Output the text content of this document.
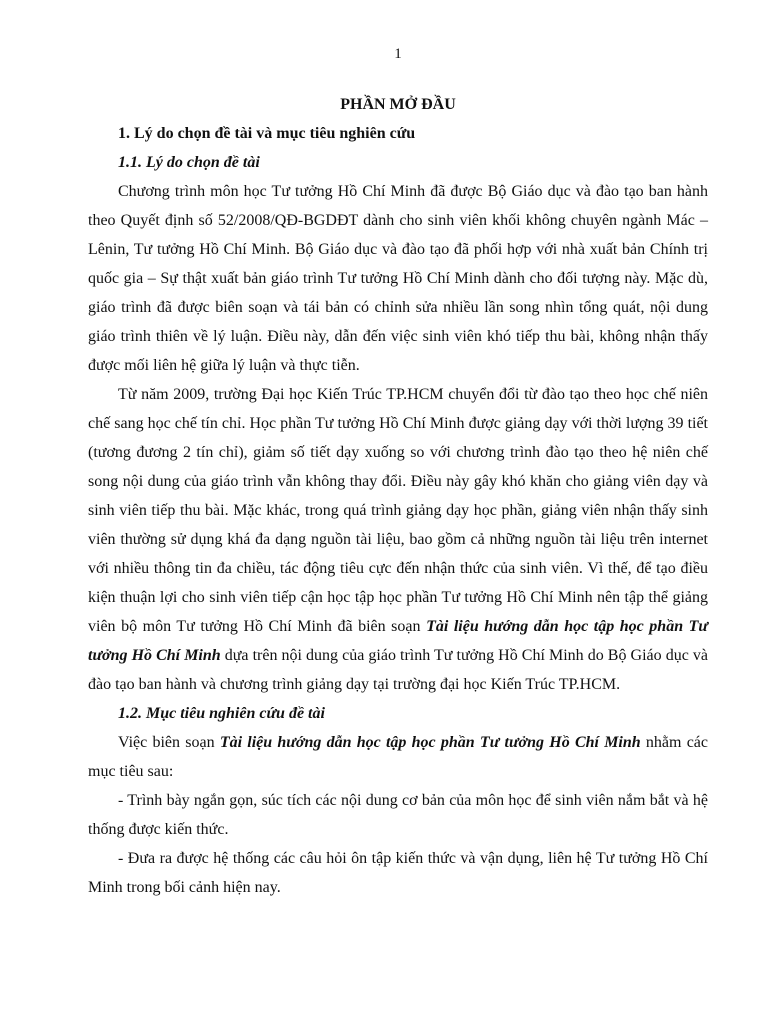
1
PHẦN MỞ ĐẦU
1. Lý do chọn đề tài và mục tiêu nghiên cứu
1.1. Lý do chọn đề tài

Chương trình môn học Tư tưởng Hồ Chí Minh đã được Bộ Giáo dục và đào tạo ban hành theo Quyết định số 52/2008/QĐ-BGDĐT dành cho sinh viên khối không chuyên ngành Mác – Lênin, Tư tưởng Hồ Chí Minh. Bộ Giáo dục và đào tạo đã phối hợp với nhà xuất bản Chính trị quốc gia – Sự thật xuất bản giáo trình Tư tưởng Hồ Chí Minh dành cho đối tượng này. Mặc dù, giáo trình đã được biên soạn và tái bản có chỉnh sửa nhiều lần song nhìn tổng quát, nội dung giáo trình thiên về lý luận. Điều này, dẫn đến việc sinh viên khó tiếp thu bài, không nhận thấy được mối liên hệ giữa lý luận và thực tiễn.

Từ năm 2009, trường Đại học Kiến Trúc TP.HCM chuyển đổi từ đào tạo theo học chế niên chế sang học chế tín chỉ. Học phần Tư tưởng Hồ Chí Minh được giảng dạy với thời lượng 39 tiết (tương đương 2 tín chỉ), giảm số tiết dạy xuống so với chương trình đào tạo theo hệ niên chế song nội dung của giáo trình vẫn không thay đổi. Điều này gây khó khăn cho giảng viên dạy và sinh viên tiếp thu bài. Mặc khác, trong quá trình giảng dạy học phần, giảng viên nhận thấy sinh viên thường sử dụng khá đa dạng nguồn tài liệu, bao gồm cả những nguồn tài liệu trên internet với nhiều thông tin đa chiều, tác động tiêu cực đến nhận thức của sinh viên. Vì thế, để tạo điều kiện thuận lợi cho sinh viên tiếp cận học tập học phần Tư tưởng Hồ Chí Minh nên tập thể giảng viên bộ môn Tư tưởng Hồ Chí Minh đã biên soạn Tài liệu hướng dẫn học tập học phần Tư tưởng Hồ Chí Minh dựa trên nội dung của giáo trình Tư tưởng Hồ Chí Minh do Bộ Giáo dục và đào tạo ban hành và chương trình giảng dạy tại trường đại học Kiến Trúc TP.HCM.

1.2. Mục tiêu nghiên cứu đề tài

Việc biên soạn Tài liệu hướng dẫn học tập học phần Tư tưởng Hồ Chí Minh nhằm các mục tiêu sau:

- Trình bày ngắn gọn, súc tích các nội dung cơ bản của môn học để sinh viên nắm bắt và hệ thống được kiến thức.

- Đưa ra được hệ thống các câu hỏi ôn tập kiến thức và vận dụng, liên hệ Tư tưởng Hồ Chí Minh trong bối cảnh hiện nay.
